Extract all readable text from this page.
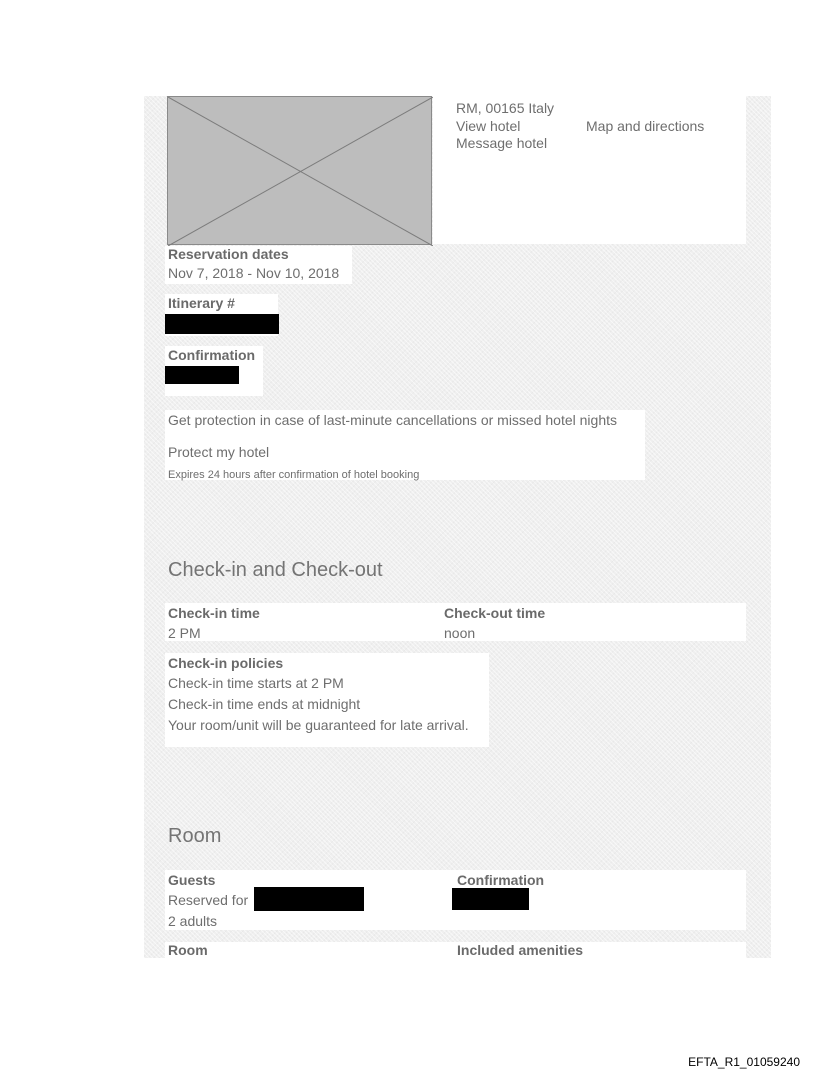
RM, 00165 Italy
View hotel	Map and directions
Message hotel
Reservation dates
Nov 7, 2018 - Nov 10, 2018
Itinerary #
Confirmation
Get protection in case of last-minute cancellations or missed hotel nights
Protect my hotel
Expires 24 hours after confirmation of hotel booking
Check-in and Check-out
Check-in time
2 PM
Check-out time
noon
Check-in policies
Check-in time starts at 2 PM
Check-in time ends at midnight
Your room/unit will be guaranteed for late arrival.
Room
Guests
Reserved for
2 adults
Confirmation
Room	Included amenities
EFTA_R1_01059240
